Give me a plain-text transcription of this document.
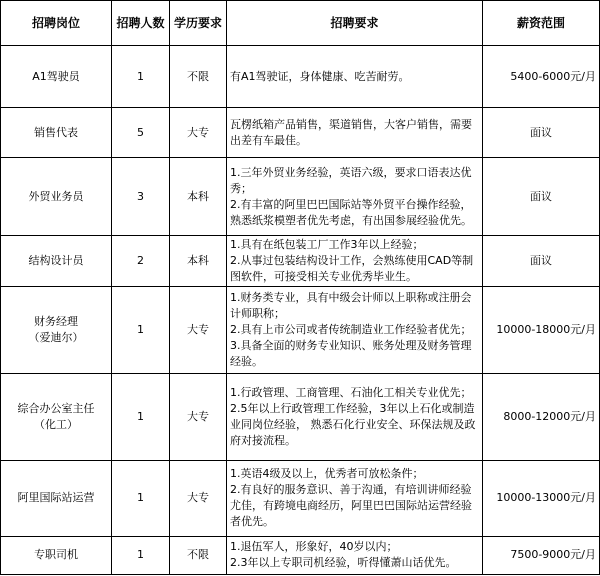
招聘岗位	招聘人数	学历要求	招聘要求	薪资范围

A1驾驶员	1	不限	有A1驾驶证，身体健康、吃苦耐劳。	5400-6000元/月

销售代表	5	大专	瓦楞纸箱产品销售，渠道销售，大客户销售，需要出差有车最佳。	面议

外贸业务员	3	本科	1.三年外贸业务经验，英语六级，要求口语表达优秀；
2.有丰富的阿里巴巴国际站等外贸平台操作经验，熟悉纸浆模塑者优先考虑，有出国参展经验优先。	面议

结构设计员	2	本科	1.具有在纸包装工厂工作3年以上经验；
2.从事过包装结构设计工作，会熟练使用CAD等制图软件，可接受相关专业优秀毕业生。	面议

财务经理
（爱迪尔）	1	大专	1.财务类专业，具有中级会计师以上职称或注册会计师职称；
2.具有上市公司或者传统制造业工作经验者优先；
3.具备全面的财务专业知识、账务处理及财务管理经验。	10000-18000元/月

综合办公室主任
（化工）	1	大专	1.行政管理、工商管理、石油化工相关专业优先；
2.5年以上行政管理工作经验，3年以上石化或制造业同岗位经验， 熟悉石化行业安全、环保法规及政府对接流程。	8000-12000元/月

阿里国际站运营	1	大专	1.英语4级及以上，优秀者可放松条件；
2.有良好的服务意识、善于沟通，有培训讲师经验尤佳，有跨境电商经历，阿里巴巴国际站运营经验者优先。	10000-13000元/月

专职司机	1	不限	1.退伍军人，形象好，40岁以内；
2.3年以上专职司机经验，听得懂萧山话优先。	7500-9000元/月
